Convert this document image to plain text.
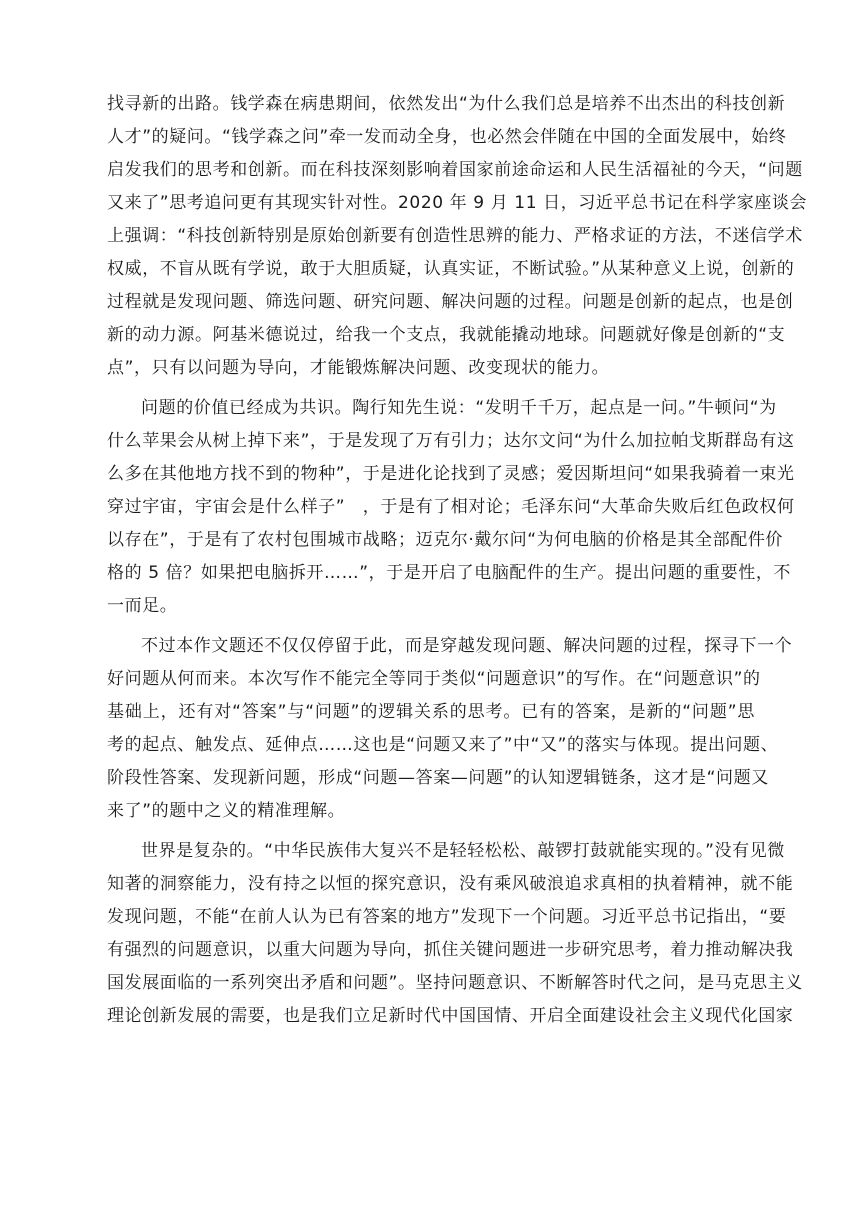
找寻新的出路。钱学森在病患期间，依然发出“为什么我们总是培养不出杰出的科技创新
人才”的疑问。“钱学森之问”牵一发而动全身，也必然会伴随在中国的全面发展中，始终
启发我们的思考和创新。而在科技深刻影响着国家前途命运和人民生活福祉的今天，“问题
又来了”思考追问更有其现实针对性。2020 年 9 月 11 日，习近平总书记在科学家座谈会
上强调：“科技创新特别是原始创新要有创造性思辨的能力、严格求证的方法，不迷信学术
权威，不盲从既有学说，敢于大胆质疑，认真实证，不断试验。”从某种意义上说，创新的
过程就是发现问题、筛选问题、研究问题、解决问题的过程。问题是创新的起点，也是创
新的动力源。阿基米德说过，给我一个支点，我就能撬动地球。问题就好像是创新的“支
点”，只有以问题为导向，才能锻炼解决问题、改变现状的能力。
问题的价值已经成为共识。陶行知先生说：“发明千千万，起点是一问。”牛顿问“为
什么苹果会从树上掉下来”，于是发现了万有引力；达尔文问“为什么加拉帕戈斯群岛有这
么多在其他地方找不到的物种”，于是进化论找到了灵感；爱因斯坦问“如果我骑着一束光
穿过宇宙，宇宙会是什么样子”　，于是有了相对论；毛泽东问“大革命失败后红色政权何
以存在”，于是有了农村包围城市战略；迈克尔·戴尔问“为何电脑的价格是其全部配件价
格的 5 倍？如果把电脑拆开……”，于是开启了电脑配件的生产。提出问题的重要性，不
一而足。
不过本作文题还不仅仅停留于此，而是穿越发现问题、解决问题的过程，探寻下一个
好问题从何而来。本次写作不能完全等同于类似“问题意识”的写作。在“问题意识”的
基础上，还有对“答案”与“问题”的逻辑关系的思考。已有的答案，是新的“问题”思
考的起点、触发点、延伸点……这也是“问题又来了”中“又”的落实与体现。提出问题、
阶段性答案、发现新问题，形成“问题—答案—问题”的认知逻辑链条，这才是“问题又
来了”的题中之义的精准理解。
世界是复杂的。“中华民族伟大复兴不是轻轻松松、敲锣打鼓就能实现的。”没有见微
知著的洞察能力，没有持之以恒的探究意识，没有乘风破浪追求真相的执着精神，就不能
发现问题，不能“在前人认为已有答案的地方”发现下一个问题。习近平总书记指出，“要
有强烈的问题意识，以重大问题为导向，抓住关键问题进一步研究思考，着力推动解决我
国发展面临的一系列突出矛盾和问题”。坚持问题意识、不断解答时代之问，是马克思主义
理论创新发展的需要，也是我们立足新时代中国国情、开启全面建设社会主义现代化国家
